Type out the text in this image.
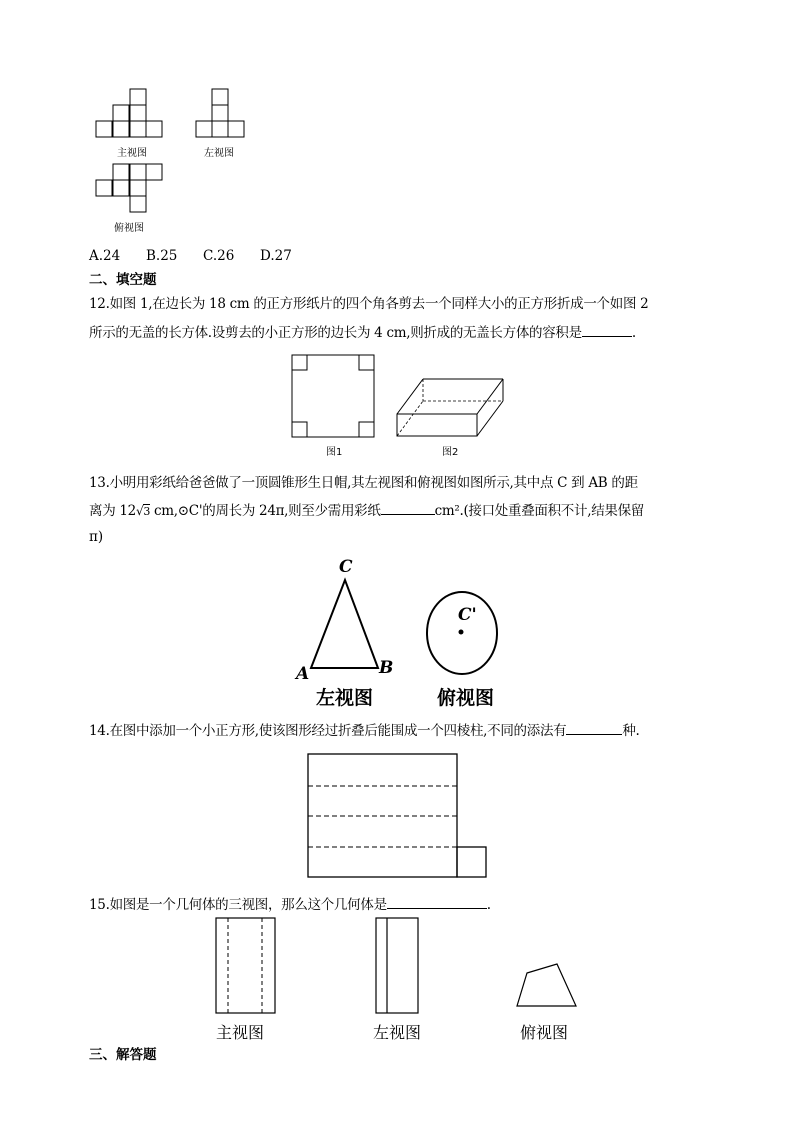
主视图	左视图
俯视图
A.24 B.25 C.26 D.27
二、填空题
12.如图 1,在边长为 18 cm 的正方形纸片的四个角各剪去一个同样大小的正方形折成一个如图 2
所示的无盖的长方体.设剪去的小正方形的边长为 4 cm,则折成的无盖长方体的容积是	.
图1	图2
13.小明用彩纸给爸爸做了一顶圆锥形生日帽,其左视图和俯视图如图所示,其中点 C 到 AB 的距
离为 12√3 cm,⊙C'的周长为 24π,则至少需用彩纸	cm².(接口处重叠面积不计,结果保留
π)
C
A	B
C'
左视图	俯视图
14.在图中添加一个小正方形,使该图形经过折叠后能围成一个四棱柱,不同的添法有	种.
15.如图是一个几何体的三视图，那么这个几何体是	.
主视图	左视图	俯视图
三、解答题
